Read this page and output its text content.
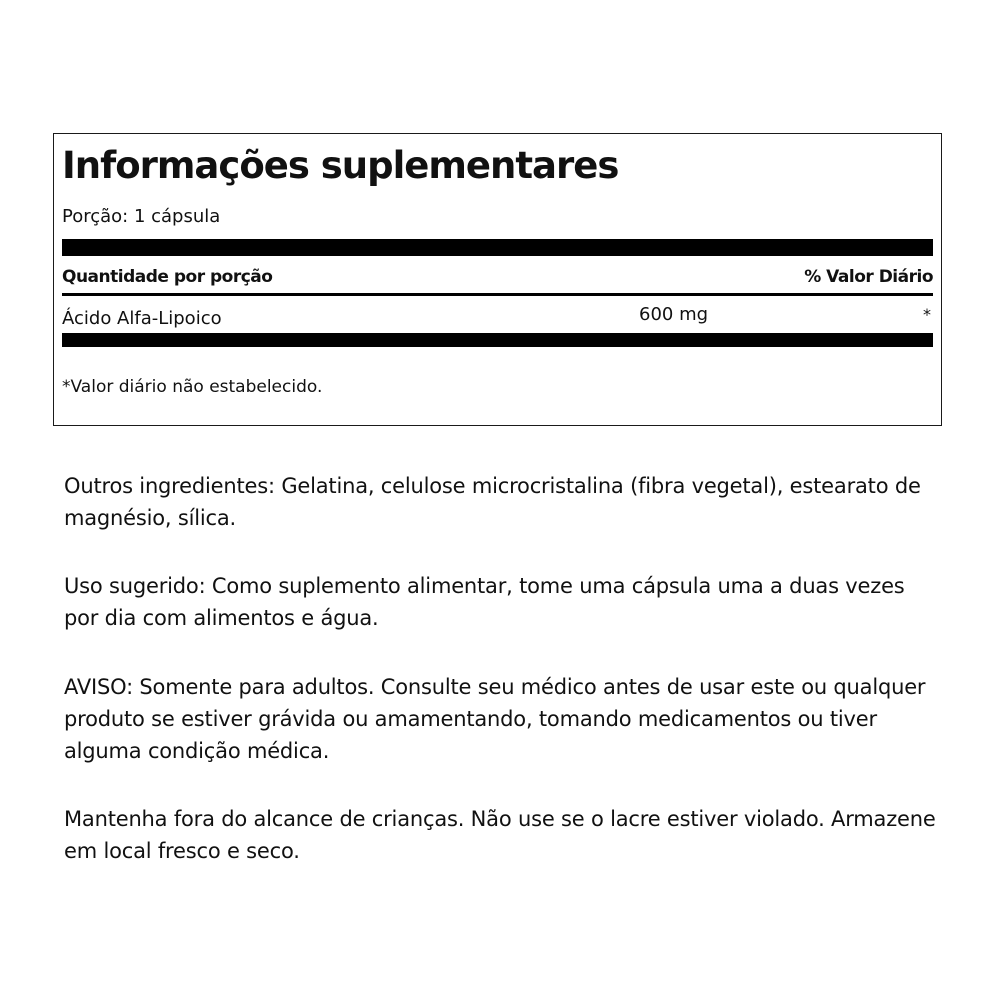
Informações suplementares
Porção: 1 cápsula
Quantidade por porção	% Valor Diário
Ácido Alfa-Lipoico	600 mg	*
*Valor diário não estabelecido.

Outros ingredientes: Gelatina, celulose microcristalina (fibra vegetal), estearato de magnésio, sílica.

Uso sugerido: Como suplemento alimentar, tome uma cápsula uma a duas vezes por dia com alimentos e água.

AVISO: Somente para adultos. Consulte seu médico antes de usar este ou qualquer produto se estiver grávida ou amamentando, tomando medicamentos ou tiver alguma condição médica.

Mantenha fora do alcance de crianças. Não use se o lacre estiver violado. Armazene em local fresco e seco.
